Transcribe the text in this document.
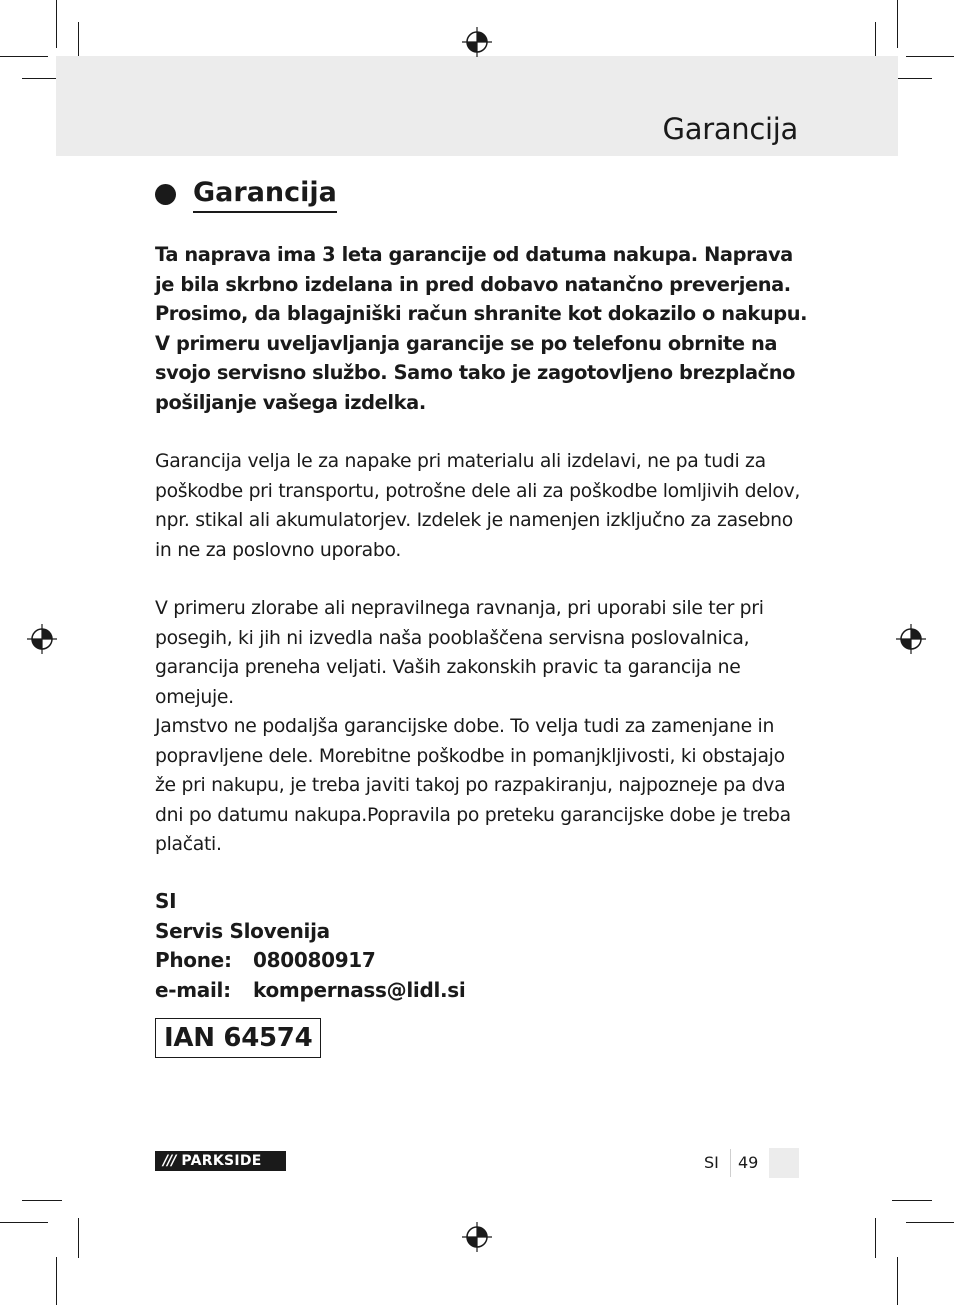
Garancija
Garancija

Ta naprava ima 3 leta garancije od datuma nakupa. Naprava je bila skrbno izdelana in pred dobavo natančno preverjena. Prosimo, da blagajniški račun shranite kot dokazilo o nakupu. V primeru uveljavljanja garancije se po telefonu obrnite na svojo servisno službo. Samo tako je zagotovljeno brezplačno pošiljanje vašega izdelka.

Garancija velja le za napake pri materialu ali izdelavi, ne pa tudi za poškodbe pri transportu, potrošne dele ali za poškodbe lomljivih delov, npr. stikal ali akumulatorjev. Izdelek je namenjen izključno za zasebno in ne za poslovno uporabo.

V primeru zlorabe ali nepravilnega ravnanja, pri uporabi sile ter pri posegih, ki jih ni izvedla naša pooblaščena servisna poslovalnica, garancija preneha veljati. Vaših zakonskih pravic ta garancija ne omejuje.

Jamstvo ne podaljša garancijske dobe. To velja tudi za zamenjane in popravljene dele. Morebitne poškodbe in pomanjkljivosti, ki obstajajo že pri nakupu, je treba javiti takoj po razpakiranju, najpozneje pa dva dni po datumu nakupa.Popravila po preteku garancijske dobe je treba plačati.

SI
Servis Slovenija
Phone:	080080917
e-mail:	kompernass@lidl.si
IAN 64574
/// PARKSIDE	SI 49
